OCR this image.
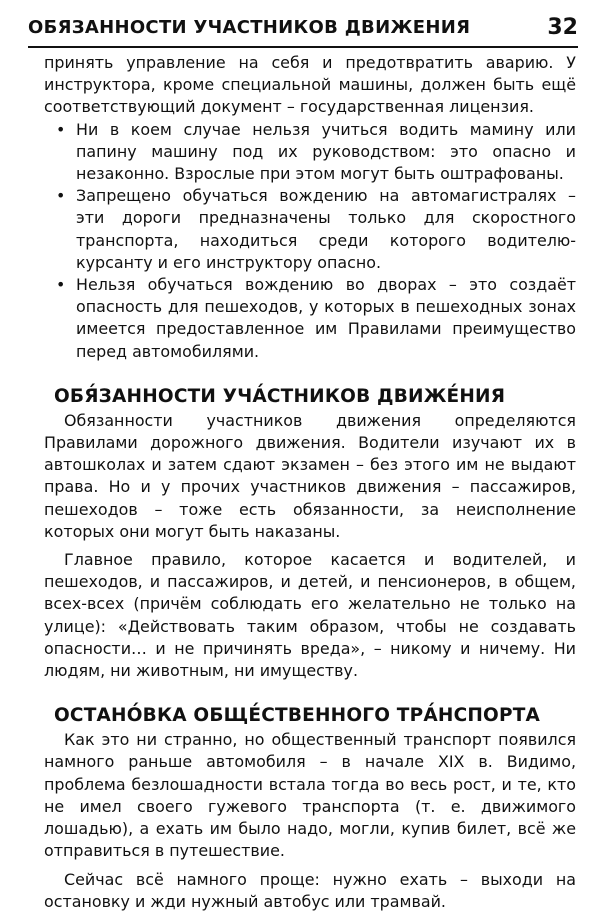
ОБЯЗАННОСТИ УЧАСТНИКОВ ДВИЖЕНИЯ	32

принять управление на себя и предотвратить аварию. У инструктора, кроме специальной машины, должен быть ещё соответствующий документ – государственная лицензия.

• Ни в коем случае нельзя учиться водить мамину или папину машину под их руководством: это опасно и незаконно. Взрослые при этом могут быть оштрафованы.
• Запрещено обучаться вождению на автомагистралях – эти дороги предназначены только для скоростного транспорта, находиться среди которого водителю-курсанту и его инструктору опасно.
• Нельзя обучаться вождению во дворах – это создаёт опасность для пешеходов, у которых в пешеходных зонах имеется предоставленное им Правилами преимущество перед автомобилями.
ОБЯ́ЗАННОСТИ УЧА́СТНИКОВ ДВИЖЕ́НИЯ

Обязанности участников движения определяются Правилами дорожного движения. Водители изучают их в автошколах и затем сдают экзамен – без этого им не выдают права. Но и у прочих участников движения – пассажиров, пешеходов – тоже есть обязанности, за неисполнение которых они могут быть наказаны.

Главное правило, которое касается и водителей, и пешеходов, и пассажиров, и детей, и пенсионеров, в общем, всех-всех (причём соблюдать его желательно не только на улице): «Действовать таким образом, чтобы не создавать опасности… и не причинять вреда», – никому и ничему. Ни людям, ни животным, ни имуществу.

ОСТАНО́ВКА ОБЩЕ́СТВЕННОГО ТРА́НСПОРТА

Как это ни странно, но общественный транспорт появился намного раньше автомобиля – в начале XIX в. Видимо, проблема безлошадности встала тогда во весь рост, и те, кто не имел своего гужевого транспорта (т. е. движимого лошадью), а ехать им было надо, могли, купив билет, всё же отправиться в путешествие.

Сейчас всё намного проще: нужно ехать – выходи на остановку и жди нужный автобус или трамвай.
